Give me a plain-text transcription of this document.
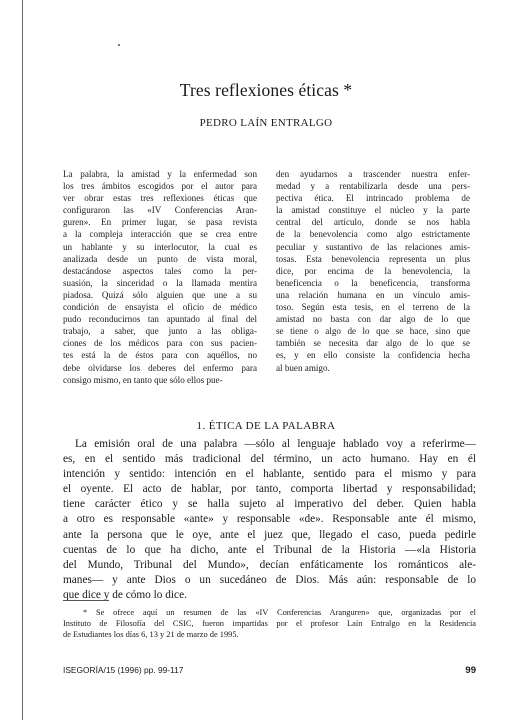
Tres reflexiones éticas *
PEDRO LAÍN ENTRALGO
La palabra, la amistad y la enfermedad son
los tres ámbitos escogidos por el autor para
ver obrar estas tres reflexiones éticas que
configuraron las «IV Conferencias Aran-
guren». En primer lugar, se pasa revista
a la compleja interacción que se crea entre
un hablante y su interlocutor, la cual es
analizada desde un punto de vista moral,
destacándose aspectos tales como la per-
suasión, la sinceridad o la llamada mentira
piadosa. Quizá sólo alguien que une a su
condición de ensayista el oficio de médico
pudo reconducirnos tan apuntado al final del
trabajo, a saber, que junto a las obliga-
ciones de los médicos para con sus pacien-
tes está la de éstos para con aquéllos, no
debe olvidarse los deberes del enfermo para
consigo mismo, en tanto que sólo ellos pue-
den ayudarnos a trascender nuestra enfer-
medad y a rentabilizarla desde una pers-
pectiva ética. El intrincado problema de
la amistad constituye el núcleo y la parte
central del artículo, donde se nos habla
de la benevolencia como algo estrictamente
peculiar y sustantivo de las relaciones amis-
tosas. Esta benevolencia representa un plus
dice, por encima de la benevolencia, la
beneficencia o la beneficencia, transforma
una relación humana en un vínculo amis-
toso. Según esta tesis, en el terreno de la
amistad no basta con dar algo de lo que
se tiene o algo de lo que se hace, sino que
también se necesita dar algo de lo que se
es, y en ello consiste la confidencia hecha
al buen amigo.
1. ÉTICA DE LA PALABRA
La emisión oral de una palabra —sólo al lenguaje hablado voy a referirme—
es, en el sentido más tradicional del término, un acto humano. Hay en él
intención y sentido: intención en el hablante, sentido para el mismo y para
el oyente. El acto de hablar, por tanto, comporta libertad y responsabilidad;
tiene carácter ético y se halla sujeto al imperativo del deber. Quien habla
a otro es responsable «ante» y responsable «de». Responsable ante él mismo,
ante la persona que le oye, ante el juez que, llegado el caso, pueda pedirle
cuentas de lo que ha dicho, ante el Tribunal de la Historia —«la Historia
del Mundo, Tribunal del Mundo», decían enfáticamente los románticos ale-
manes— y ante Dios o un sucedáneo de Dios. Más aún: responsable de lo
que dice y de cómo lo dice.
* Se ofrece aquí un resumen de las «IV Conferencias Aranguren» que, organizadas por el
Instituto de Filosofía del CSIC, fueron impartidas por el profesor Laín Entralgo en la Residencia
de Estudiantes los días 6, 13 y 21 de marzo de 1995.
ISEGORÍA/15 (1996) pp. 99-117	99
